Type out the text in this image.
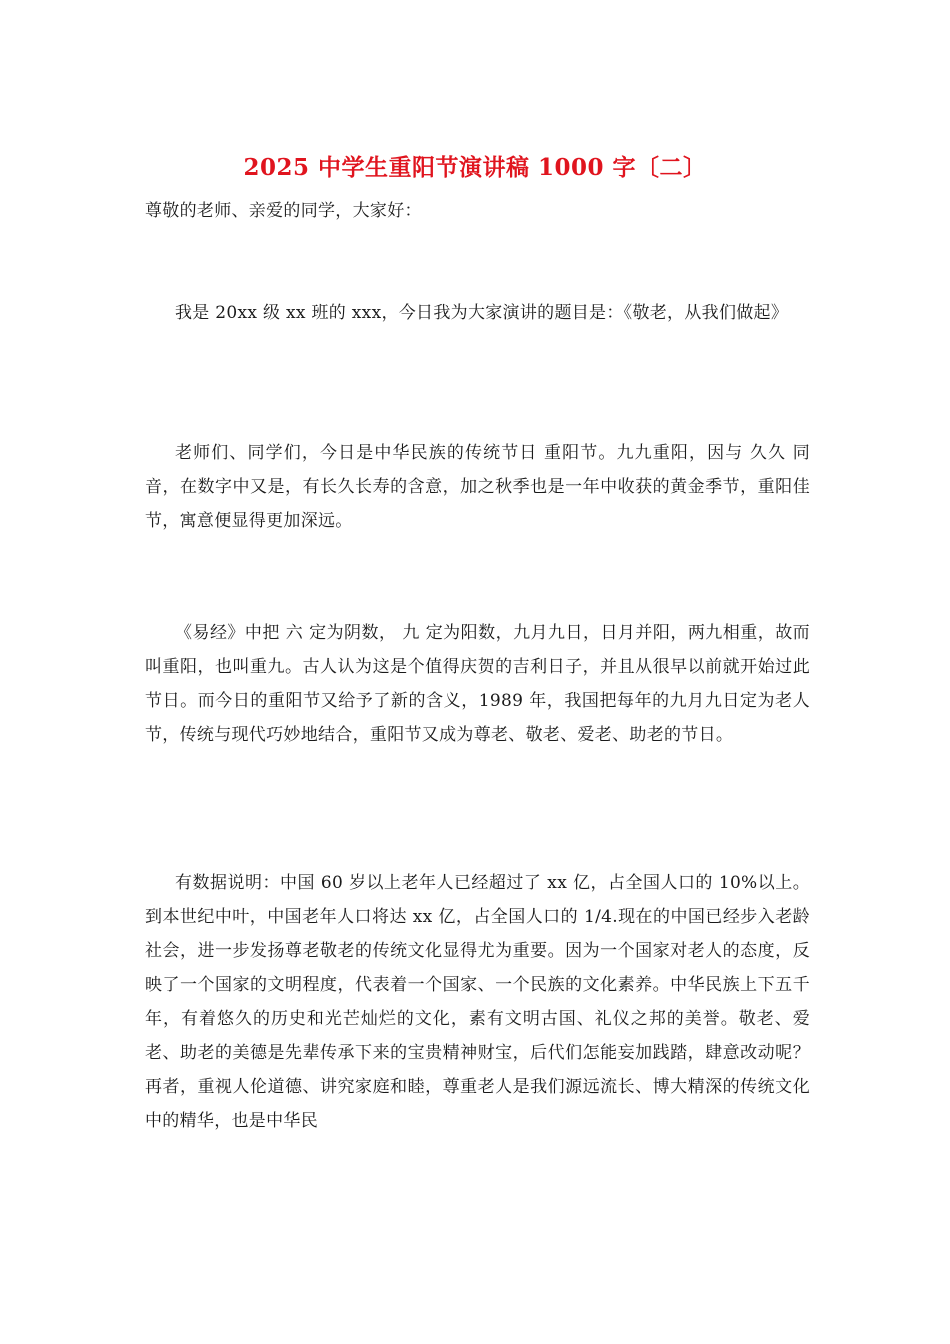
2025 中学生重阳节演讲稿 1000 字〔二〕

尊敬的老师、亲爱的同学，大家好：

我是 20xx 级 xx 班的 xxx，今日我为大家演讲的题目是：《敬老，从我们做起》

老师们、同学们，今日是中华民族的传统节日 重阳节。九九重阳，因与 久久 同音，在数字中又是，有长久长寿的含意，加之秋季也是一年中收获的黄金季节，重阳佳节，寓意便显得更加深远。

《易经》中把 六 定为阴数， 九 定为阳数，九月九日，日月并阳，两九相重，故而叫重阳，也叫重九。古人认为这是个值得庆贺的吉利日子，并且从很早以前就开始过此节日。而今日的重阳节又给予了新的含义，1989 年，我国把每年的九月九日定为老人节，传统与现代巧妙地结合，重阳节又成为尊老、敬老、爱老、助老的节日。

有数据说明：中国 60 岁以上老年人已经超过了 xx 亿，占全国人口的 10%以上。到本世纪中叶，中国老年人口将达 xx 亿，占全国人口的 1/4.现在的中国已经步入老龄社会，进一步发扬尊老敬老的传统文化显得尤为重要。因为一个国家对老人的态度，反映了一个国家的文明程度，代表着一个国家、一个民族的文化素养。中华民族上下五千年，有着悠久的历史和光芒灿烂的文化，素有文明古国、礼仪之邦的美誉。敬老、爱老、助老的美德是先辈传承下来的宝贵精神财宝，后代们怎能妄加践踏，肆意改动呢？再者，重视人伦道德、讲究家庭和睦，尊重老人是我们源远流长、博大精深的传统文化中的精华，也是中华民
